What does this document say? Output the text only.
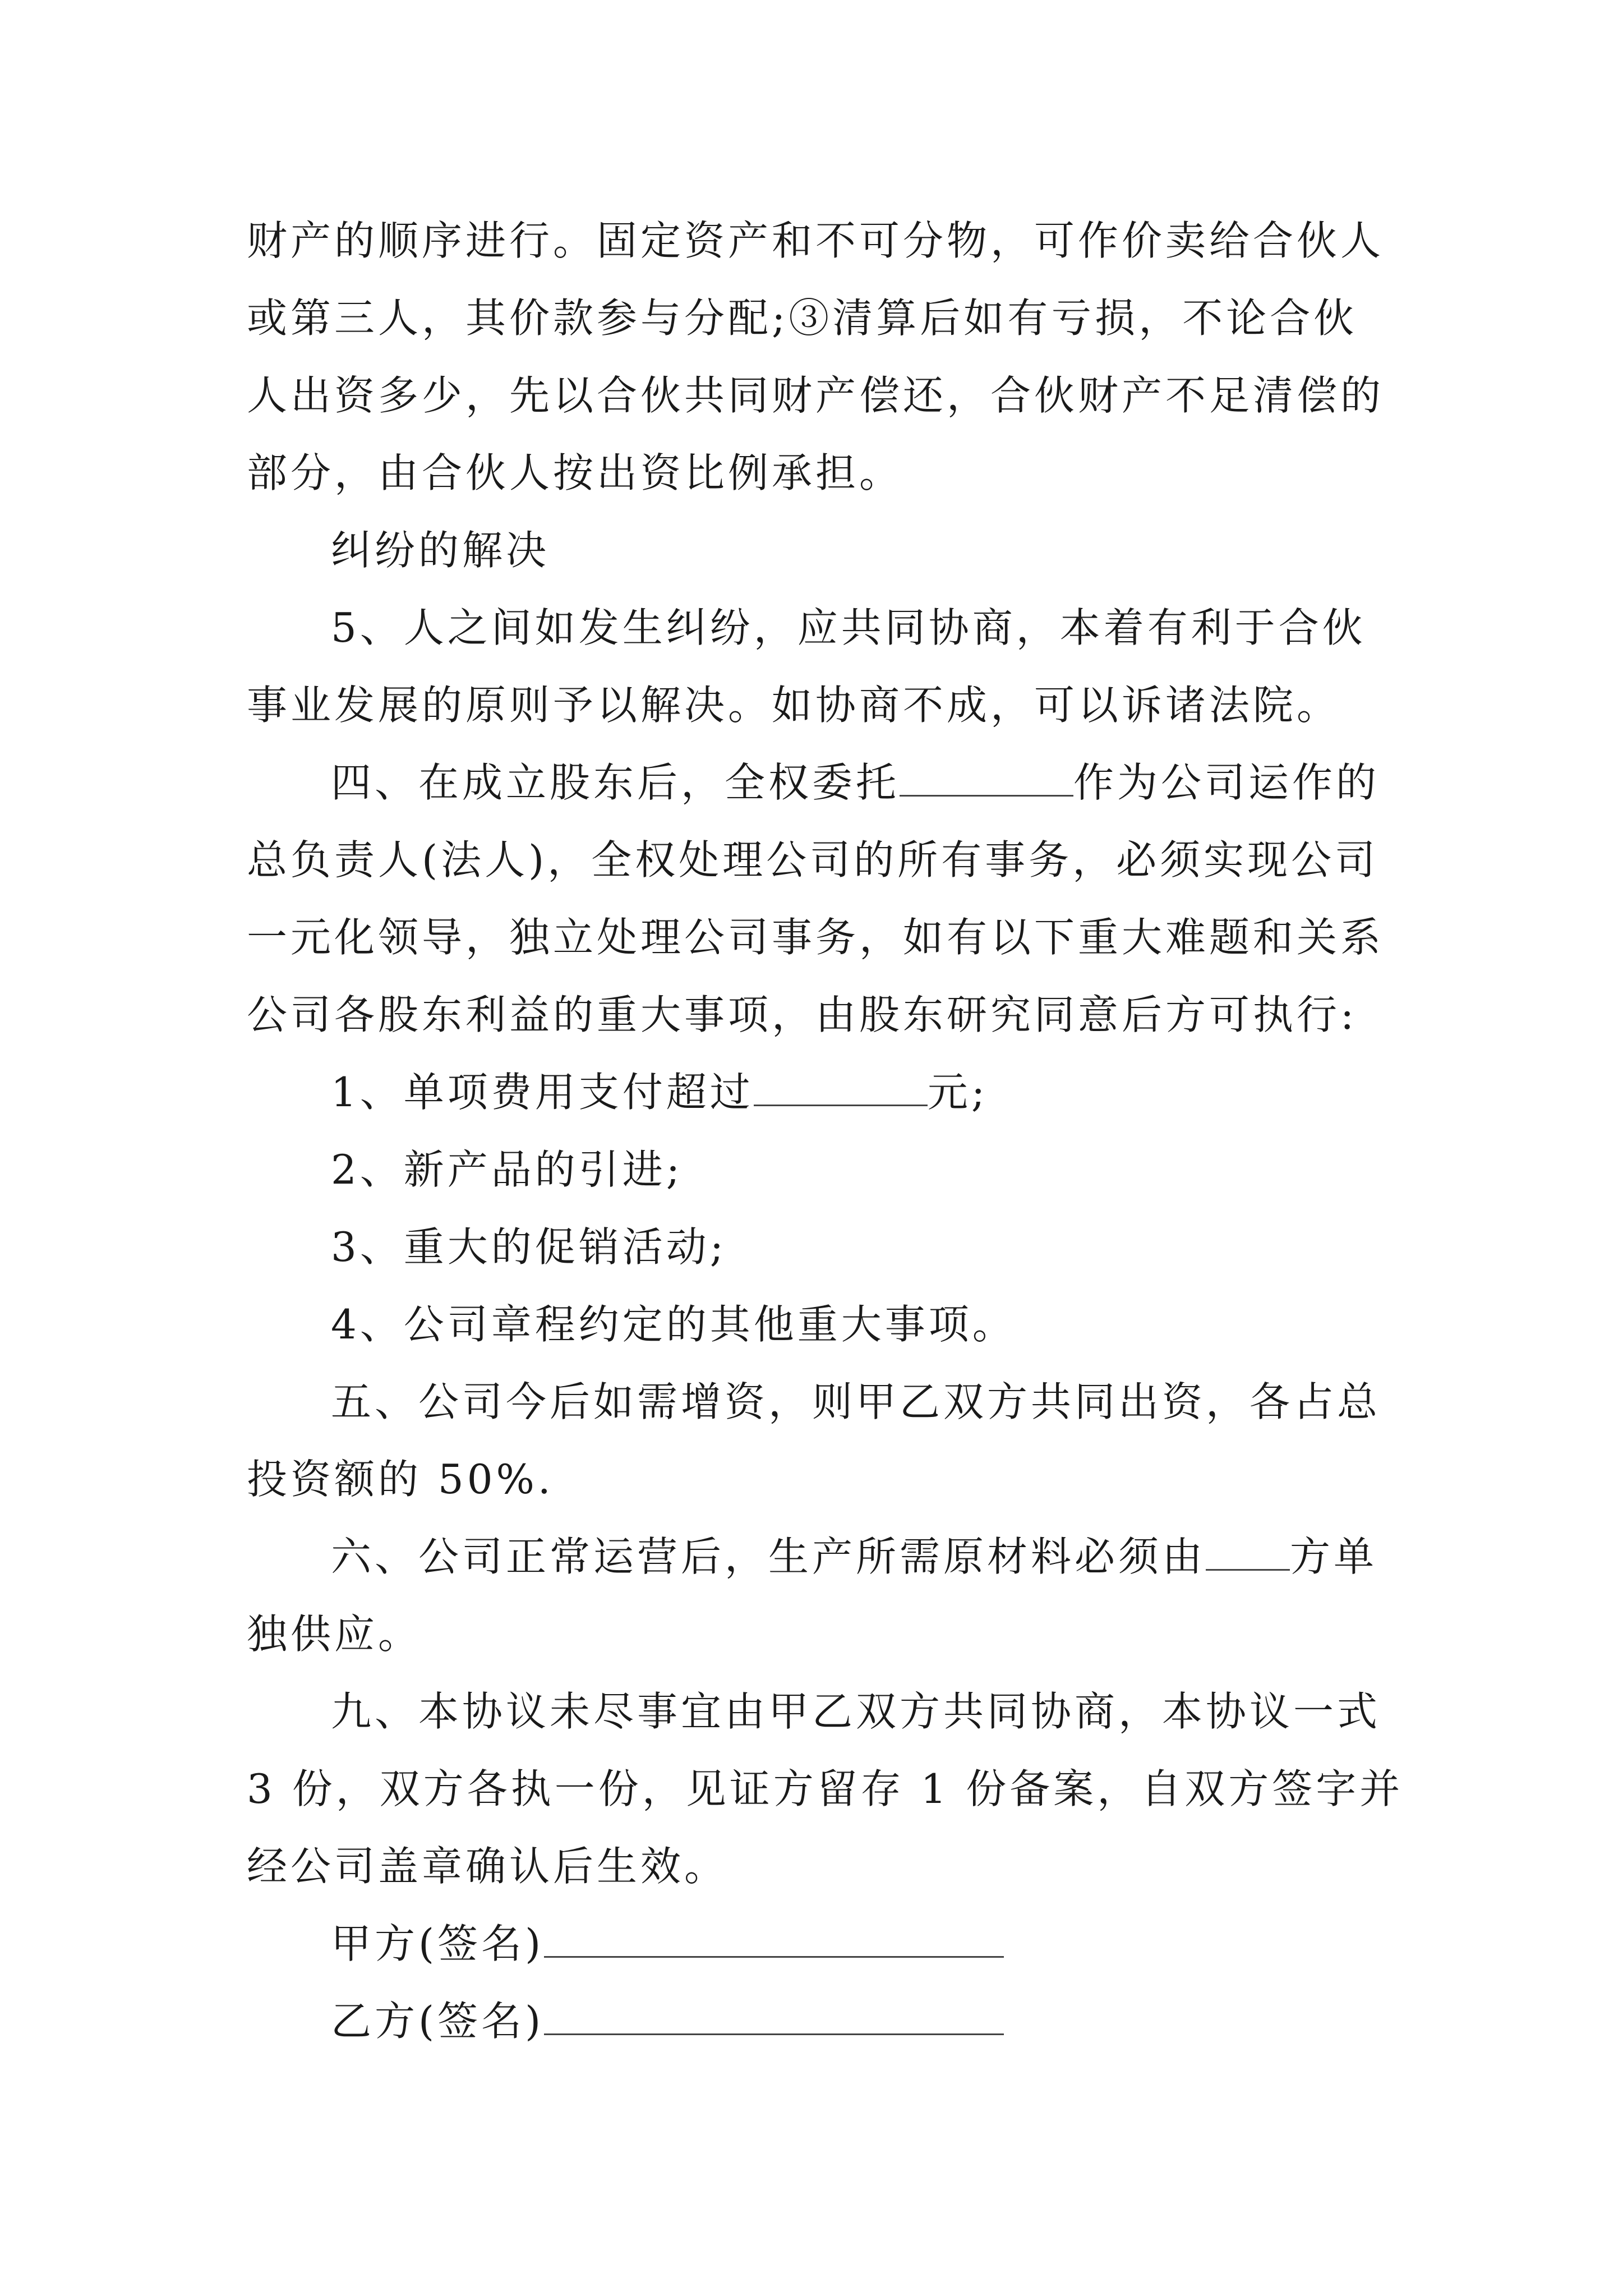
财产的顺序进行。固定资产和不可分物，可作价卖给合伙人
或第三人，其价款参与分配;③清算后如有亏损，不论合伙
人出资多少，先以合伙共同财产偿还，合伙财产不足清偿的
部分，由合伙人按出资比例承担。
纠纷的解决
5、人之间如发生纠纷，应共同协商，本着有利于合伙
事业发展的原则予以解决。如协商不成，可以诉诸法院。
四、在成立股东后，全权委托	作为公司运作的
总负责人(法人)，全权处理公司的所有事务，必须实现公司
一元化领导，独立处理公司事务，如有以下重大难题和关系
公司各股东利益的重大事项，由股东研究同意后方可执行:
1、单项费用支付超过	元;
2、新产品的引进;
3、重大的促销活动;
4、公司章程约定的其他重大事项。
五、公司今后如需增资，则甲乙双方共同出资，各占总
投资额的 50%.
六、公司正常运营后，生产所需原材料必须由 方单
独供应。
九、本协议未尽事宜由甲乙双方共同协商，本协议一式
3 份，双方各执一份，见证方留存 1 份备案，自双方签字并
经公司盖章确认后生效。
甲方(签名)
乙方(签名)
